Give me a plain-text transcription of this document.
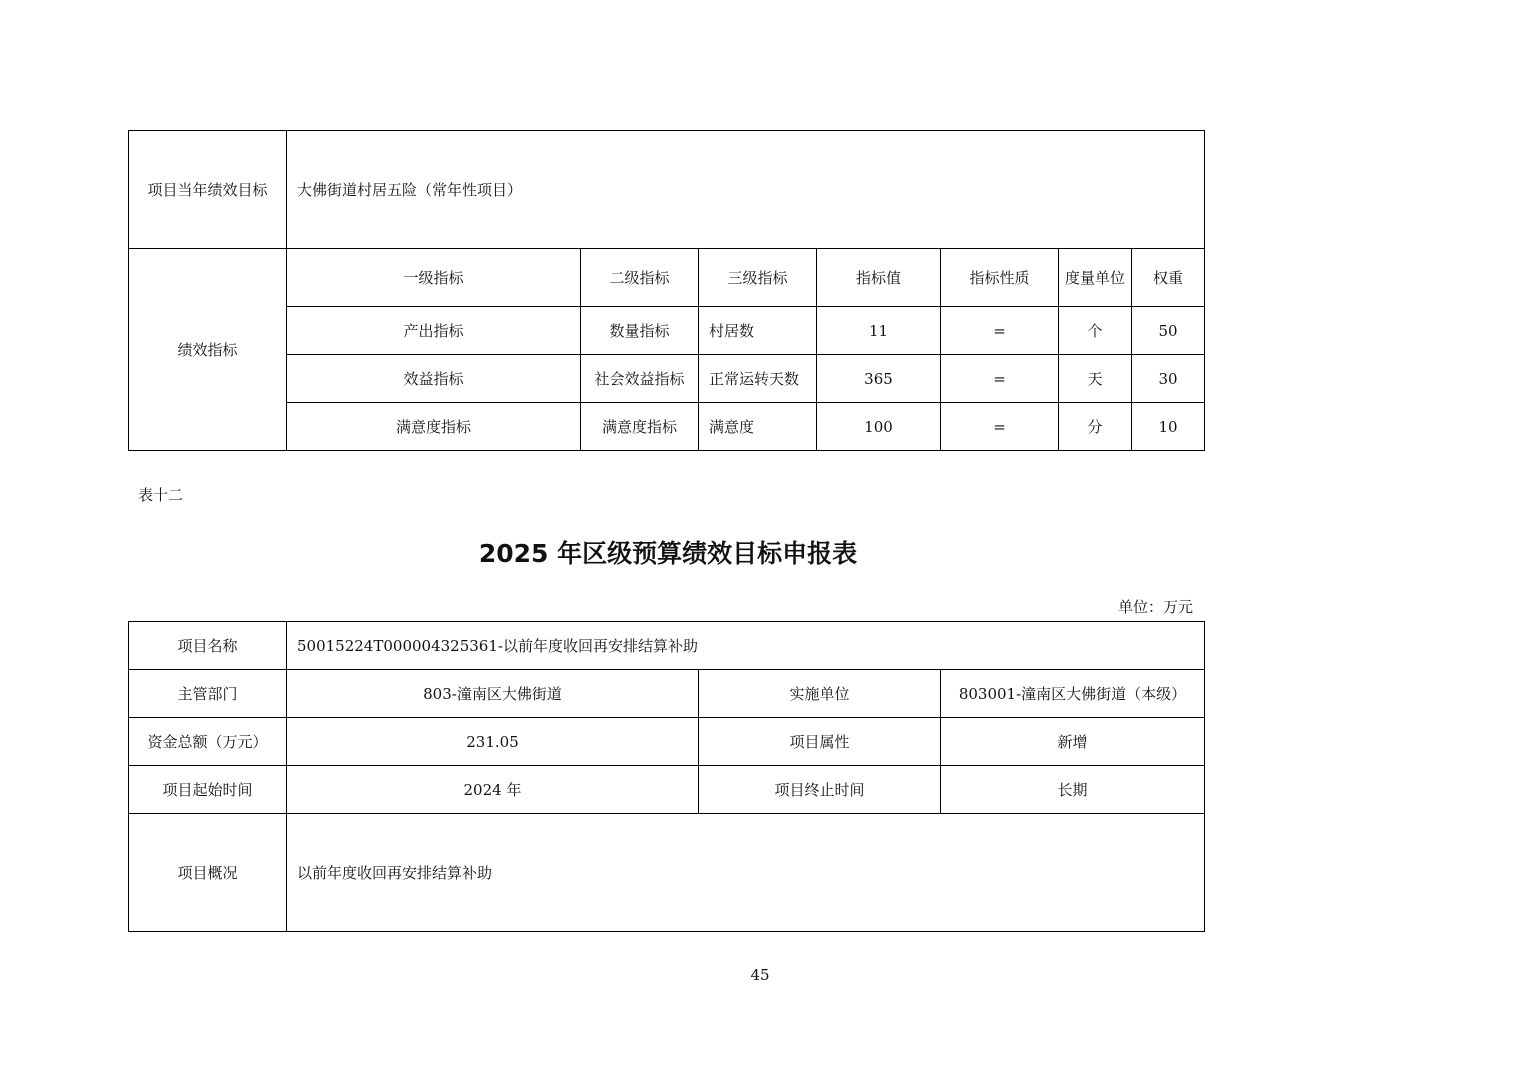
项目当年绩效目标	大佛街道村居五险（常年性项目）						
绩效指标	一级指标	二级指标	三级指标	指标值	指标性质	度量单位	权重
	产出指标	数量指标	村居数	11	=	个	50
	效益指标	社会效益指标	正常运转天数	365	=	天	30
	满意度指标	满意度指标	满意度	100	=	分	10
表十二
2025 年区级预算绩效目标申报表
单位：万元
项目名称	50015224T000004325361-以前年度收回再安排结算补助		
主管部门	803-潼南区大佛街道	实施单位	803001-潼南区大佛街道（本级）
资金总额（万元）	231.05	项目属性	新增
项目起始时间	2024 年	项目终止时间	长期
项目概况	以前年度收回再安排结算补助		
45
